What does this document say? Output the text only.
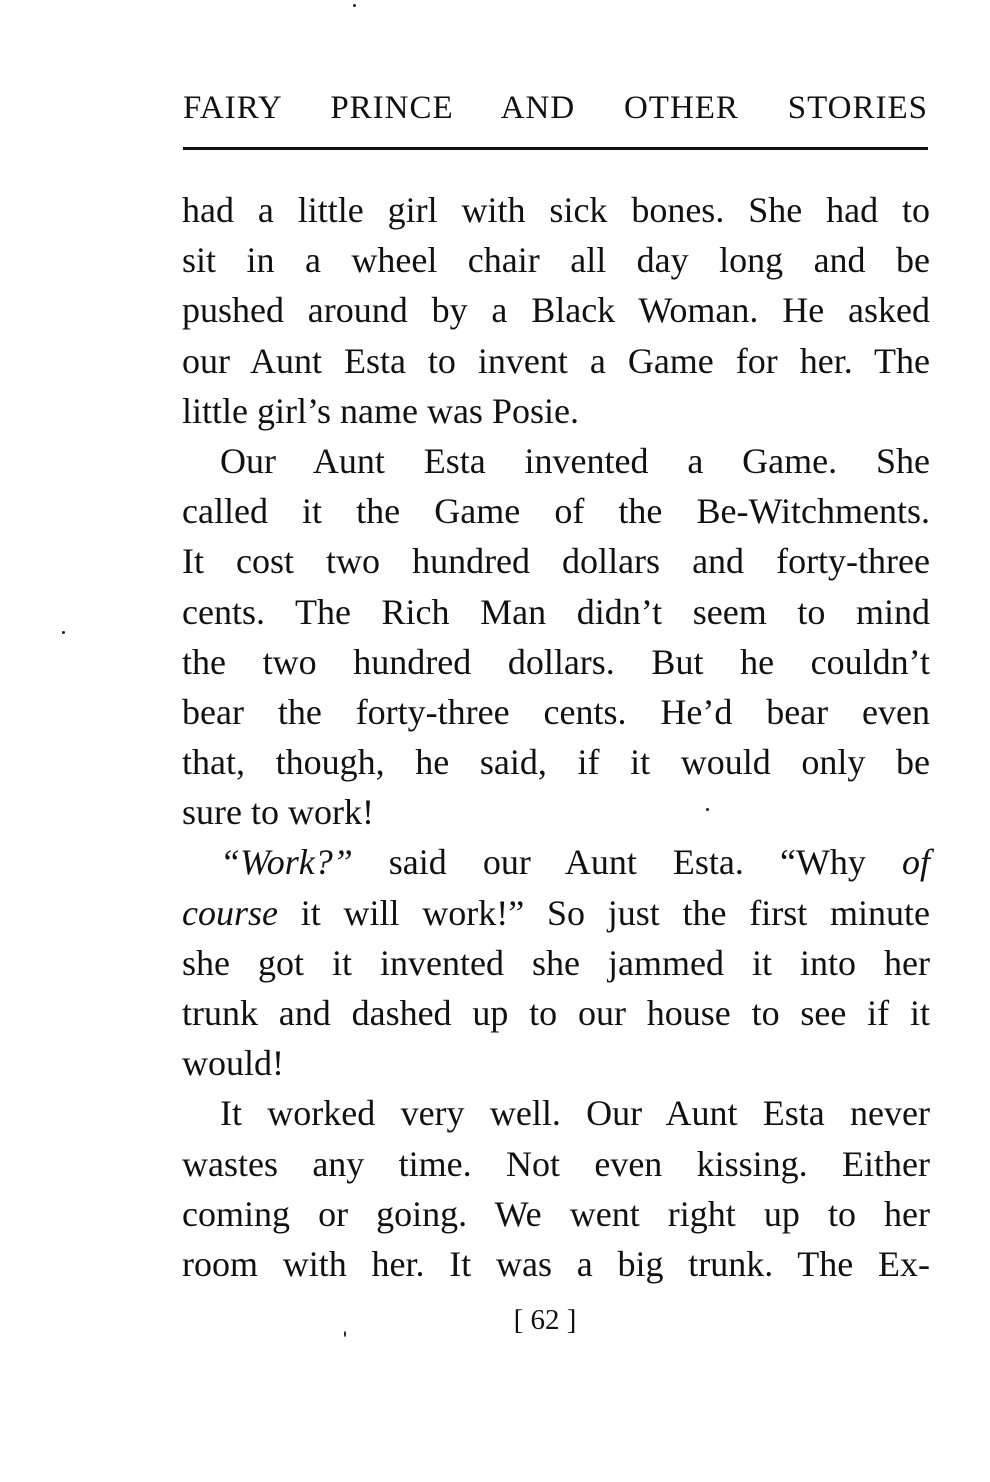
FAIRY PRINCE AND OTHER STORIES
had a little girl with sick bones. She had to
sit in a wheel chair all day long and be
pushed around by a Black Woman. He asked
our Aunt Esta to invent a Game for her. The
little girl’s name was Posie.
Our Aunt Esta invented a Game. She
called it the Game of the Be-Witchments.
It cost two hundred dollars and forty-three
cents. The Rich Man didn’t seem to mind
the two hundred dollars. But he couldn’t
bear the forty-three cents. He’d bear even
that, though, he said, if it would only be
sure to work!
“Work?” said our Aunt Esta. “Why of
course it will work!” So just the first minute
she got it invented she jammed it into her
trunk and dashed up to our house to see if it
would!
It worked very well. Our Aunt Esta never
wastes any time. Not even kissing. Either
coming or going. We went right up to her
room with her. It was a big trunk. The Ex-
[ 62 ]
